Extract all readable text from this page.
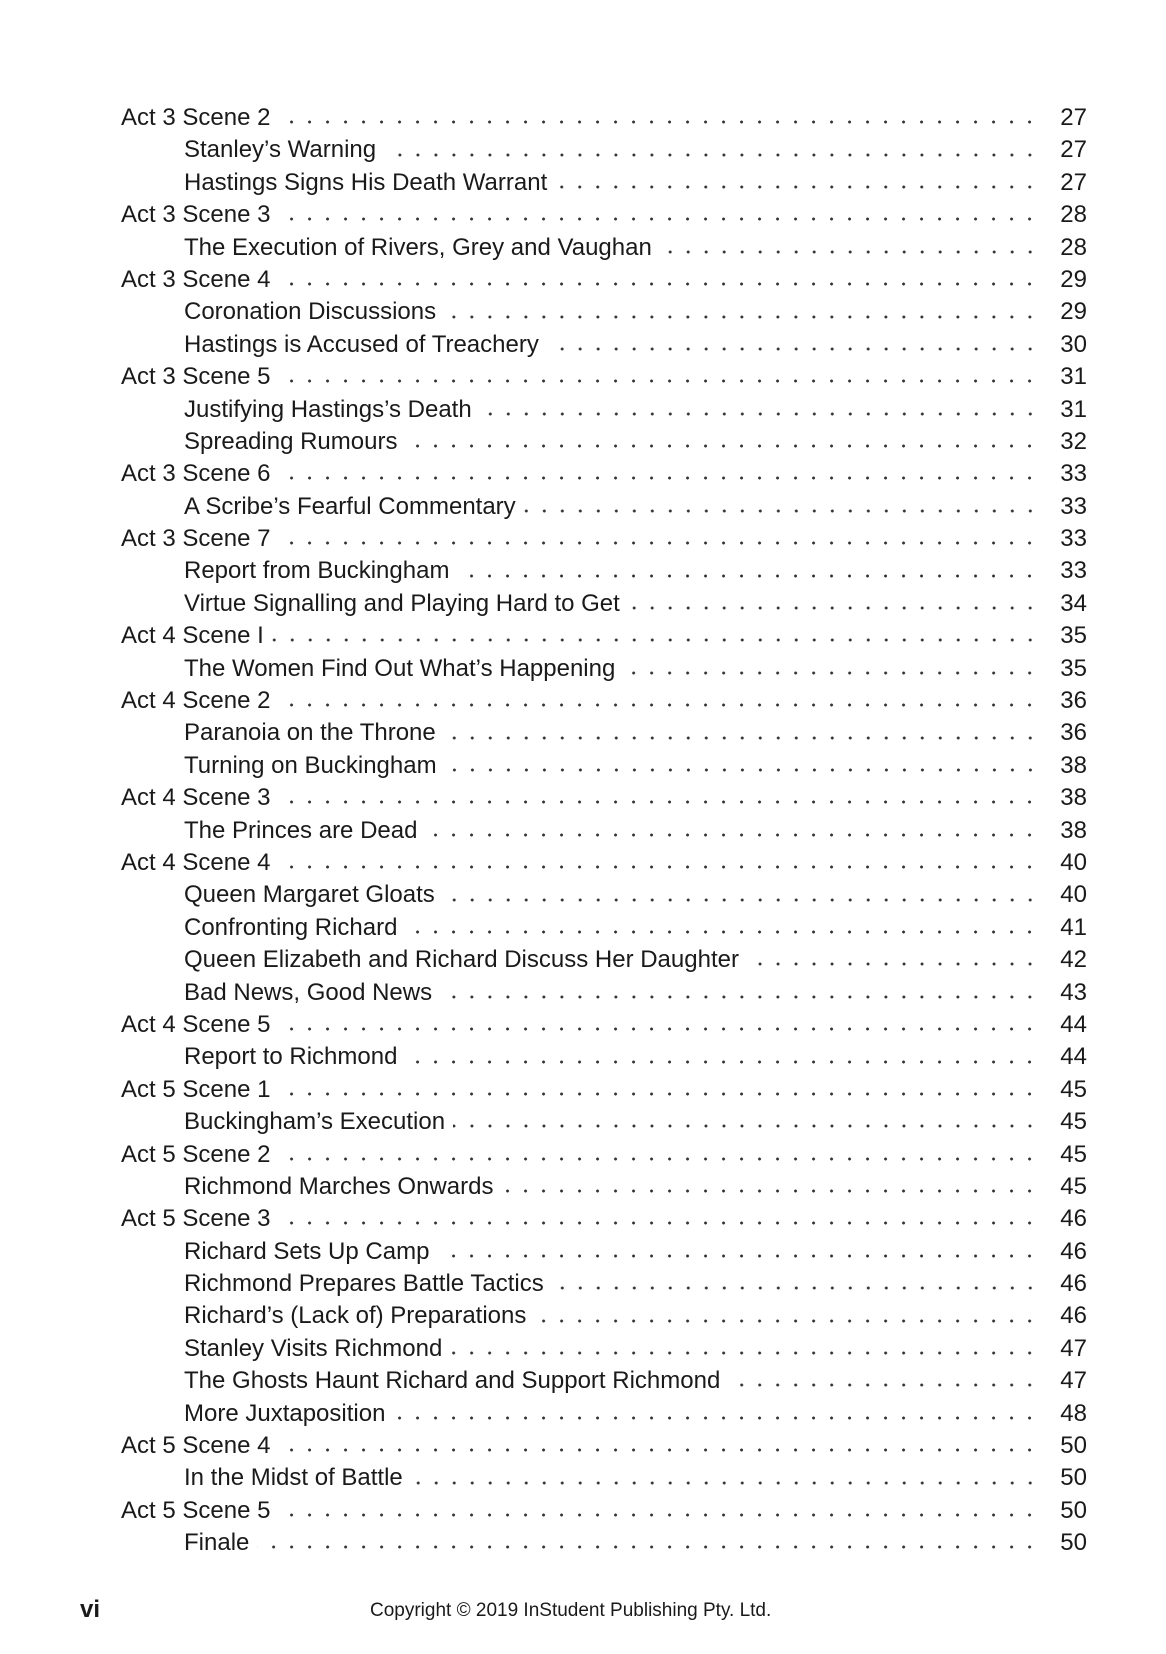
Act 3 Scene 2	27
Stanley’s Warning	27
Hastings Signs His Death Warrant	27
Act 3 Scene 3	28
The Execution of Rivers, Grey and Vaughan	28
Act 3 Scene 4	29
Coronation Discussions	29
Hastings is Accused of Treachery	30
Act 3 Scene 5	31
Justifying Hastings’s Death	31
Spreading Rumours	32
Act 3 Scene 6	33
A Scribe’s Fearful Commentary	33
Act 3 Scene 7	33
Report from Buckingham	33
Virtue Signalling and Playing Hard to Get	34
Act 4 Scene I	35
The Women Find Out What’s Happening	35
Act 4 Scene 2	36
Paranoia on the Throne	36
Turning on Buckingham	38
Act 4 Scene 3	38
The Princes are Dead	38
Act 4 Scene 4	40
Queen Margaret Gloats	40
Confronting Richard	41
Queen Elizabeth and Richard Discuss Her Daughter	42
Bad News, Good News	43
Act 4 Scene 5	44
Report to Richmond	44
Act 5 Scene 1	45
Buckingham’s Execution	45
Act 5 Scene 2	45
Richmond Marches Onwards	45
Act 5 Scene 3	46
Richard Sets Up Camp	46
Richmond Prepares Battle Tactics	46
Richard’s (Lack of) Preparations	46
Stanley Visits Richmond	47
The Ghosts Haunt Richard and Support Richmond	47
More Juxtaposition	48
Act 5 Scene 4	50
In the Midst of Battle	50
Act 5 Scene 5	50
Finale	50
vi	Copyright © 2019 InStudent Publishing Pty. Ltd.
